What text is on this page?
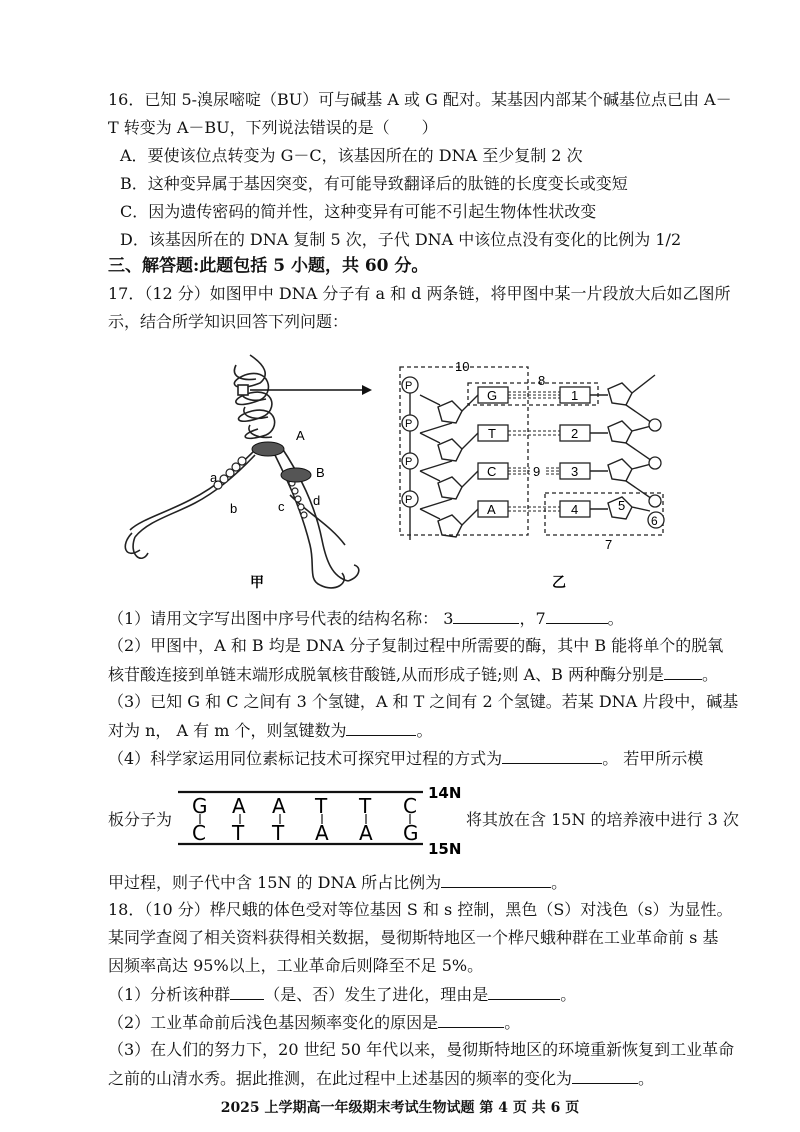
16．已知 5-溴尿嘧啶（BU）可与碱基 A 或 G 配对。某基因内部某个碱基位点已由 A－
T 转变为 A－BU，下列说法错误的是（　　）
A．要使该位点转变为 G－C，该基因所在的 DNA 至少复制 2 次
B．这种变异属于基因突变，有可能导致翻译后的肽链的长度变长或变短
C．因为遗传密码的简并性，这种变异有可能不引起生物体性状改变
D．该基因所在的 DNA 复制 5 次，子代 DNA 中该位点没有变化的比例为 1/2
三、解答题:此题包括 5 小题，共 60 分。
17．（12 分）如图甲中 DNA 分子有 a 和 d 两条链，将甲图中某一片段放大后如乙图所
示，结合所学知识回答下列问题：
A
B
a
b	c d
10
8
7
P
P
P
P
G
T
C
A
9
1
2
3
4	5
6
甲	乙
（1）请用文字写出图中序号代表的结构名称： 3	，7	。
（2）甲图中，A 和 B 均是 DNA 分子复制过程中所需要的酶，其中 B 能将单个的脱氧
核苷酸连接到单链末端形成脱氧核苷酸链,从而形成子链;则 A、B 两种酶分别是 。
（3）已知 G 和 C 之间有 3 个氢键，A 和 T 之间有 2 个氢键。若某 DNA 片段中，碱基
对为 n， A 有 m 个，则氢键数为	。
（4）科学家运用同位素标记技术可探究甲过程的方式为	。 若甲所示模
板分子为
G A A T T C
C T T A A G
14N
15N
将其放在含 15N 的培养液中进行 3 次
甲过程，则子代中含 15N 的 DNA 所占比例为	。
18．（10 分）桦尺蛾的体色受对等位基因 S 和 s 控制，黑色（S）对浅色（s）为显性。
某同学查阅了相关资料获得相关数据，曼彻斯特地区一个桦尺蛾种群在工业革命前 s 基
因频率高达 95%以上，工业革命后则降至不足 5%。
（1）分析该种群 （是、否）发生了进化，理由是	。
（2）工业革命前后浅色基因频率变化的原因是	。
（3）在人们的努力下，20 世纪 50 年代以来，曼彻斯特地区的环境重新恢复到工业革命
之前的山清水秀。据此推测，在此过程中上述基因的频率的变化为	。
2025 上学期高一年级期末考试生物试题 第 4 页 共 6 页
